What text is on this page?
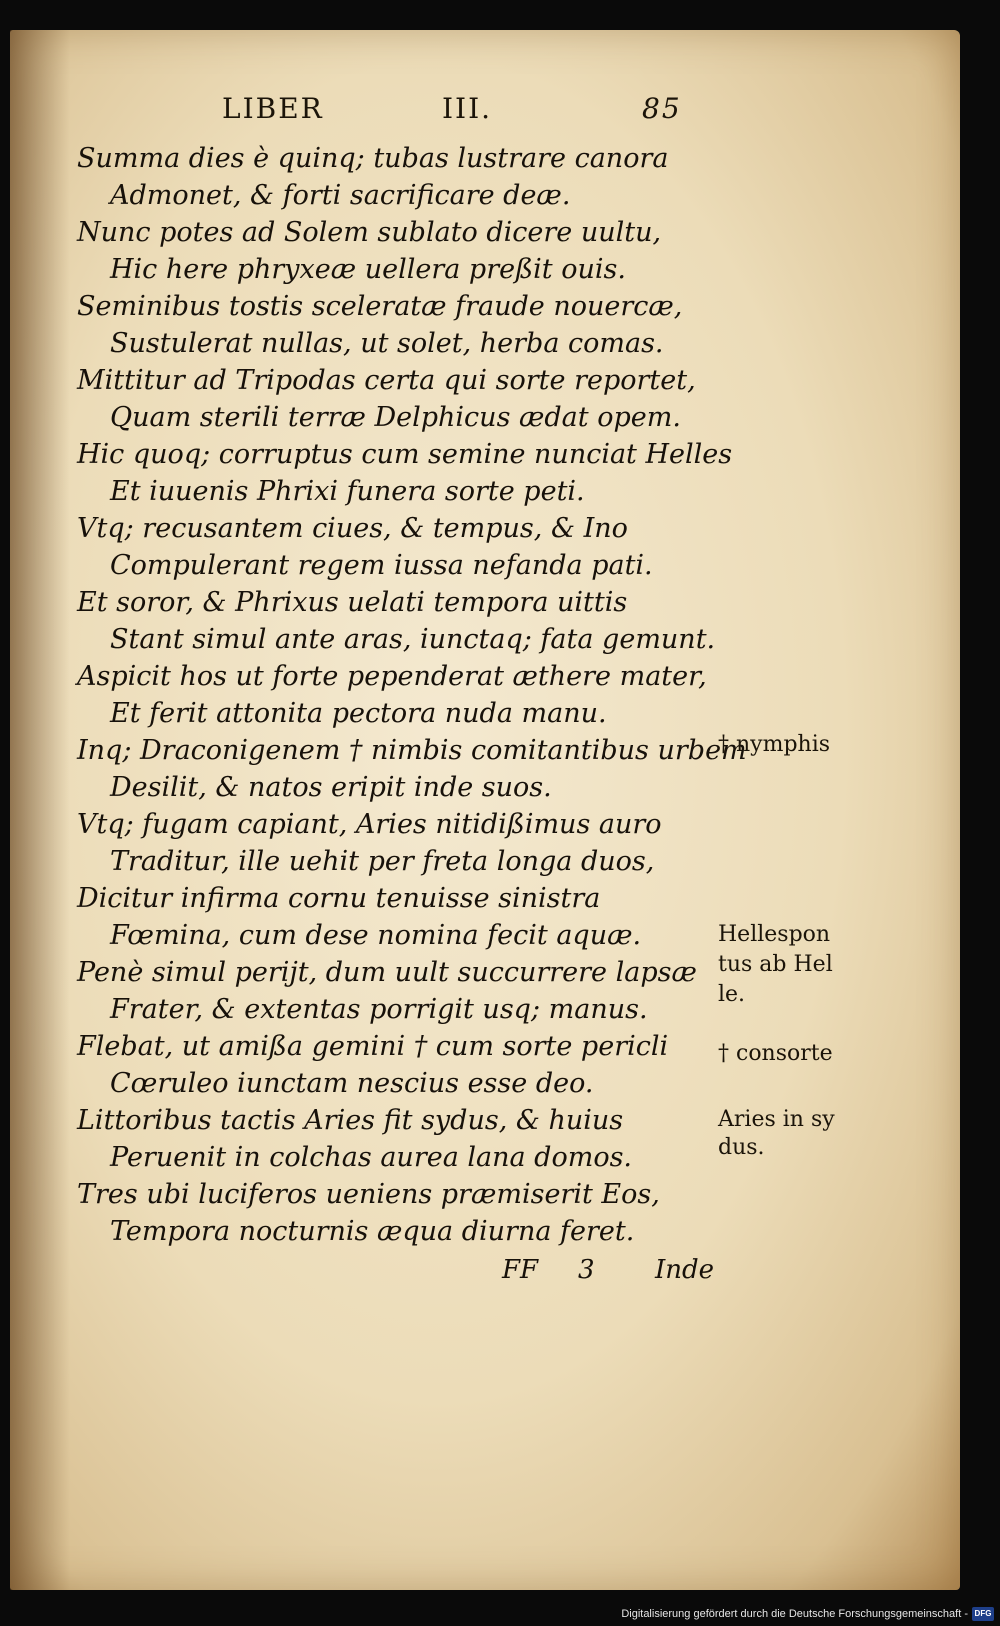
LIBER	III.	85
Summa dies è quinq; tubas lustrare canora
Admonet, & forti sacrificare deæ.
Nunc potes ad Solem sublato dicere uultu,
Hic here phryxeæ uellera preßit ouis.
Seminibus tostis sceleratæ fraude nouercæ,
Sustulerat nullas, ut solet, herba comas.
Mittitur ad Tripodas certa qui sorte reportet,
Quam sterili terræ Delphicus ædat opem.
Hic quoq; corruptus cum semine nunciat Helles
Et iuuenis Phrixi funera sorte peti.
Vtq; recusantem ciues, & tempus, & Ino
Compulerant regem iussa nefanda pati.
Et soror, & Phrixus uelati tempora uittis
Stant simul ante aras, iunctaq; fata gemunt.
Aspicit hos ut forte pependerat æthere mater,
Et ferit attonita pectora nuda manu.
Inq; Draconigenem † nimbis comitantibus urbem
Desilit, & natos eripit inde suos.
Vtq; fugam capiant, Aries nitidißimus auro
Traditur, ille uehit per freta longa duos,
Dicitur infirma cornu tenuisse sinistra
Fœmina, cum dese nomina fecit aquæ.
Penè simul perijt, dum uult succurrere lapsæ
Frater, & extentas porrigit usq; manus.
Flebat, ut amißa gemini † cum sorte pericli
Cœruleo iunctam nescius esse deo.
Littoribus tactis Aries fit sydus, & huius
Peruenit in colchas aurea lana domos.
Tres ubi luciferos ueniens præmiserit Eos,
Tempora nocturnis æqua diurna feret.
† nymphis
Hellespon
tus ab Hel
le.
† consorte
Aries in sy
dus.
FF 3 Inde
Digitalisierung gefördert durch die Deutsche Forschungsgemeinschaft - DFG
